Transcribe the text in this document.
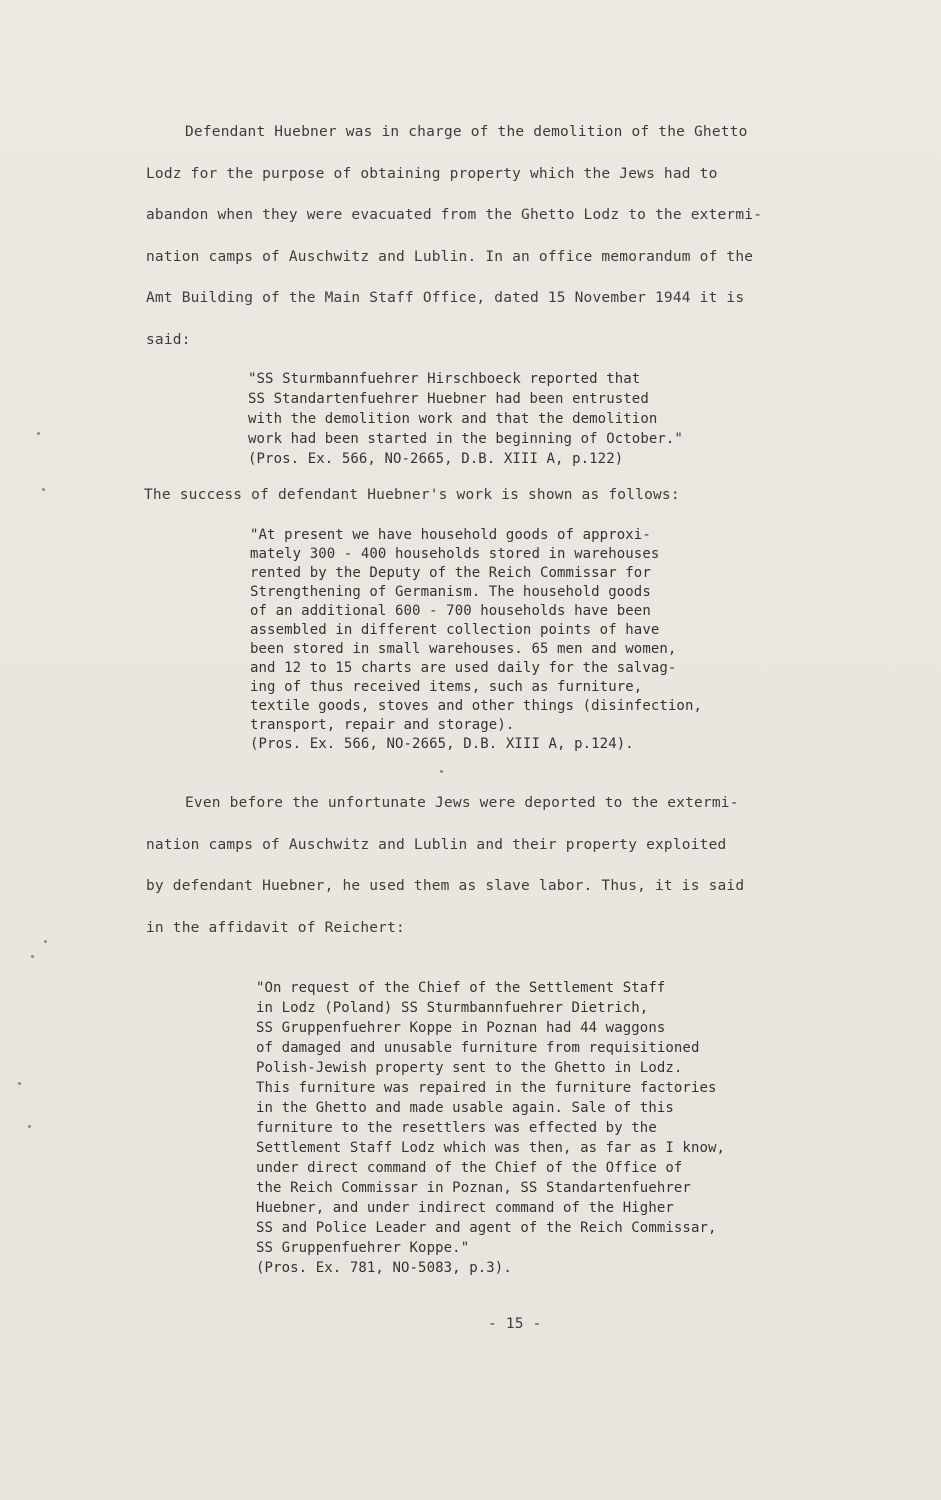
Defendant Huebner was in charge of the demolition of the Ghetto
Lodz for the purpose of obtaining property which the Jews had to
abandon when they were evacuated from the Ghetto Lodz to the extermi-
nation camps of Auschwitz and Lublin. In an office memorandum of the
Amt Building of the Main Staff Office, dated 15 November 1944 it is
said:
"SS Sturmbannfuehrer Hirschboeck reported that
SS Standartenfuehrer Huebner had been entrusted
with the demolition work and that the demolition
work had been started in the beginning of October."
(Pros. Ex. 566, NO-2665, D.B. XIII A, p.122)
The success of defendant Huebner's work is shown as follows:
"At present we have household goods of approxi-
mately 300 - 400 households stored in warehouses
rented by the Deputy of the Reich Commissar for
Strengthening of Germanism. The household goods
of an additional 600 - 700 households have been
assembled in different collection points of have
been stored in small warehouses. 65 men and women,
and 12 to 15 charts are used daily for the salvag-
ing of thus received items, such as furniture,
textile goods, stoves and other things (disinfection,
transport, repair and storage).
(Pros. Ex. 566, NO-2665, D.B. XIII A, p.124).
Even before the unfortunate Jews were deported to the extermi-
nation camps of Auschwitz and Lublin and their property exploited
by defendant Huebner, he used them as slave labor. Thus, it is said
in the affidavit of Reichert:
"On request of the Chief of the Settlement Staff
in Lodz (Poland) SS Sturmbannfuehrer Dietrich,
SS Gruppenfuehrer Koppe in Poznan had 44 waggons
of damaged and unusable furniture from requisitioned
Polish-Jewish property sent to the Ghetto in Lodz.
This furniture was repaired in the furniture factories
in the Ghetto and made usable again. Sale of this
furniture to the resettlers was effected by the
Settlement Staff Lodz which was then, as far as I know,
under direct command of the Chief of the Office of
the Reich Commissar in Poznan, SS Standartenfuehrer
Huebner, and under indirect command of the Higher
SS and Police Leader and agent of the Reich Commissar,
SS Gruppenfuehrer Koppe."
(Pros. Ex. 781, NO-5083, p.3).
- 15 -
